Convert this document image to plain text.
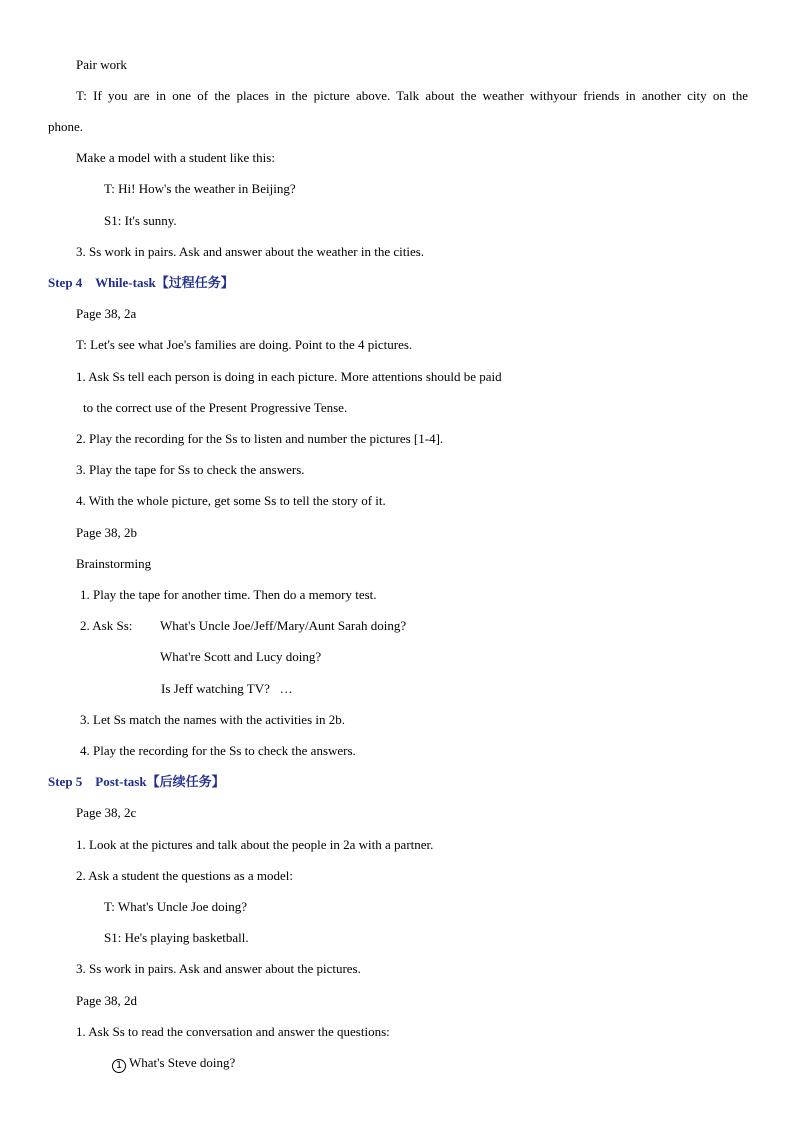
Pair work
T: If you are in one of the places in the picture above. Talk about the weather withyour friends in another city on the
phone.
Make a model with a student like this:
T: Hi! How's the weather in Beijing?
S1: It's sunny.
3. Ss work in pairs. Ask and answer about the weather in the cities.
Step 4    While-task【过程任务】
Page 38, 2a
T: Let's see what Joe's families are doing. Point to the 4 pictures.
1. Ask Ss tell each person is doing in each picture. More attentions should be paid
to the correct use of the Present Progressive Tense.
2. Play the recording for the Ss to listen and number the pictures [1-4].
3. Play the tape for Ss to check the answers.
4. With the whole picture, get some Ss to tell the story of it.
Page 38, 2b
Brainstorming
1. Play the tape for another time. Then do a memory test.
2. Ask Ss: What's Uncle Joe/Jeff/Mary/Aunt Sarah doing?
What're Scott and Lucy doing?
Is Jeff watching TV?   …
3. Let Ss match the names with the activities in 2b.
4. Play the recording for the Ss to check the answers.
Step 5    Post-task【后续任务】
Page 38, 2c
1. Look at the pictures and talk about the people in 2a with a partner.
2. Ask a student the questions as a model:
T: What's Uncle Joe doing?
S1: He's playing basketball.
3. Ss work in pairs. Ask and answer about the pictures.
Page 38, 2d
1. Ask Ss to read the conversation and answer the questions:
1 What's Steve doing?
